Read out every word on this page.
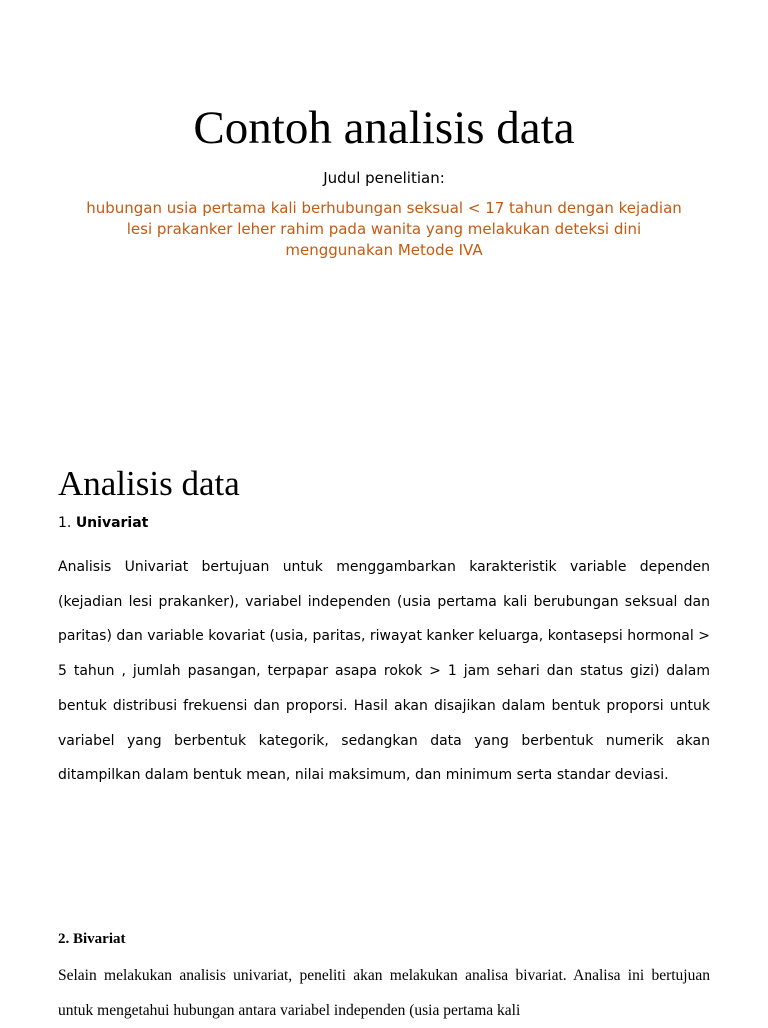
Contoh analisis data
Judul penelitian:
hubungan usia pertama kali berhubungan seksual < 17 tahun dengan kejadian lesi prakanker leher rahim pada wanita yang melakukan deteksi dini menggunakan Metode IVA
Analisis data
1. Univariat

Analisis Univariat bertujuan untuk menggambarkan karakteristik variable dependen (kejadian lesi prakanker), variabel independen (usia pertama kali berubungan seksual dan paritas) dan variable kovariat (usia, paritas, riwayat kanker keluarga, kontasepsi hormonal > 5 tahun , jumlah pasangan, terpapar asapa rokok > 1 jam sehari dan status gizi) dalam bentuk distribusi frekuensi dan proporsi. Hasil akan disajikan dalam bentuk proporsi untuk variabel yang berbentuk kategorik, sedangkan data yang berbentuk numerik akan ditampilkan dalam bentuk mean, nilai maksimum, dan minimum serta standar deviasi.

2. Bivariat

Selain melakukan analisis univariat, peneliti akan melakukan analisa bivariat. Analisa ini bertujuan untuk mengetahui hubungan antara variabel independen (usia pertama kali
